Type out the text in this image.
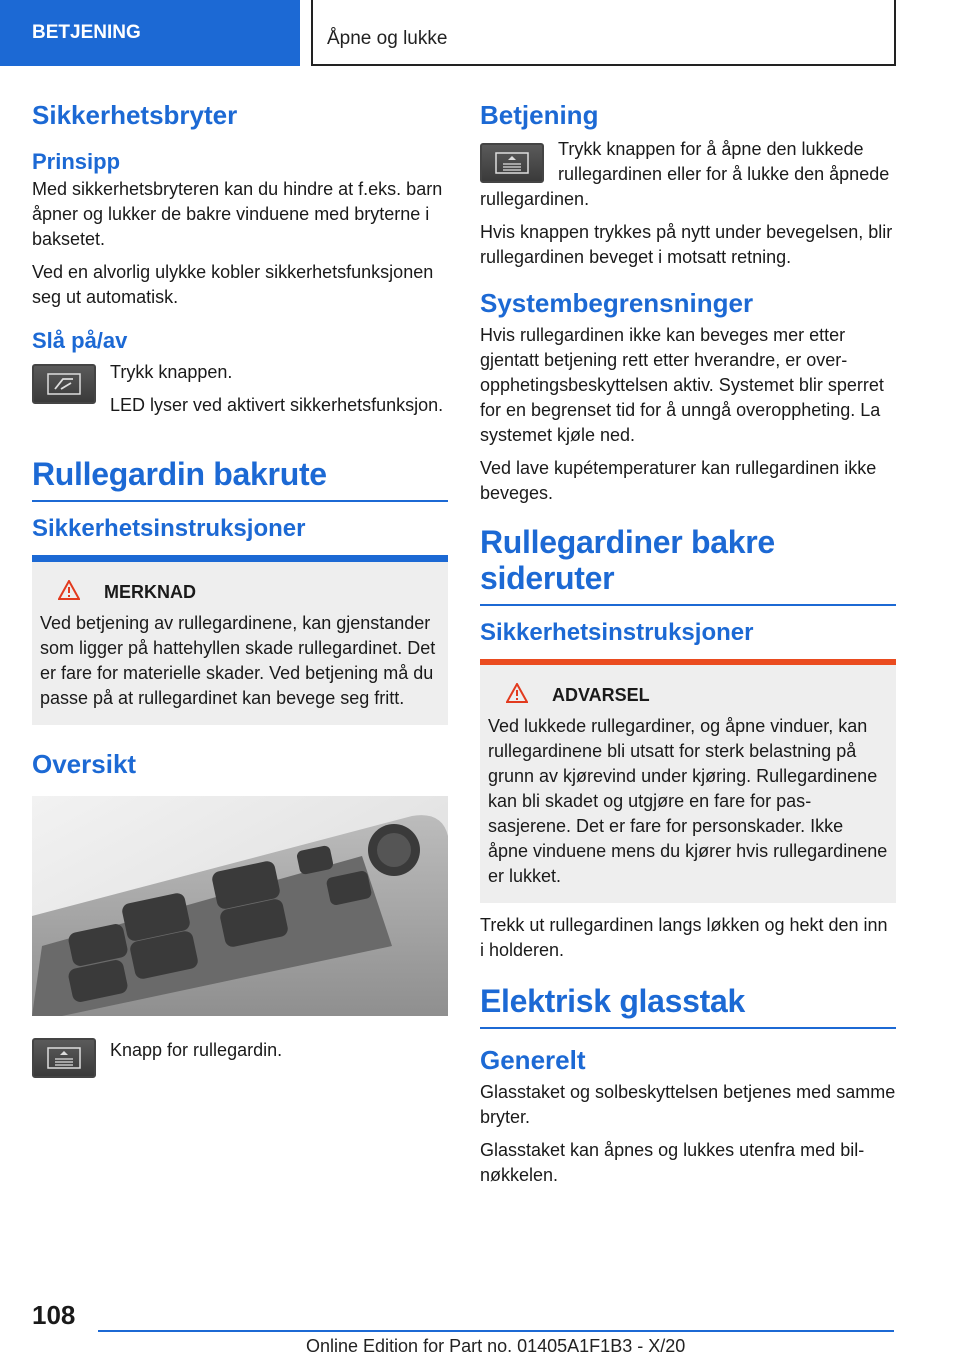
BETJENING	Åpne og lukke
Sikkerhetsbryter
Prinsipp

Med sikkerhetsbryteren kan du hindre at f.eks. barn åpner og lukker de bakre vinduene med bryterne i baksetet.

Ved en alvorlig ulykke kobler sikkerhetsfunksjonen seg ut automatisk.

Slå på/av

Trykk knappen.

LED lyser ved aktivert sikkerhetsfunksjon.

Rullegardin bakrute

Sikkerhetsinstruksjoner

MERKNAD

Ved betjening av rullegardinene, kan gjenstander som ligger på hattehyllen skade rullegardinet. Det er fare for materielle skader. Ved betjening må du passe på at rullegardinet kan bevege seg fritt.

Oversikt

Knapp for rullegardin.

Betjening

Trykk knappen for å åpne den lukkede rullegardinen eller for å lukke den åpnede rullegardinen.

Hvis knappen trykkes på nytt under bevegelsen, blir rullegardinen beveget i motsatt retning.

Systembegrensninger

Hvis rullegardinen ikke kan beveges mer etter gjentatt betjening rett etter hverandre, er overopphetingsbeskyttelsen aktiv. Systemet blir sperret for en begrenset tid for å unngå overoppheting. La systemet kjøle ned.

Ved lave kupétemperaturer kan rullegardinen ikke beveges.

Rullegardiner bakre sideruter

Sikkerhetsinstruksjoner

ADVARSEL

Ved lukkede rullegardiner, og åpne vinduer, kan rullegardinene bli utsatt for sterk belastning på grunn av kjørevind under kjøring. Rullegardinene kan bli skadet og utgjøre en fare for passasjerene. Det er fare for personskader. Ikke åpne vinduene mens du kjører hvis rullegardinene er lukket.

Trekk ut rullegardinen langs løkken og hekt den inn i holderen.

Elektrisk glasstak
Generelt

Glasstaket og solbeskyttelsen betjenes med samme bryter.

Glasstaket kan åpnes og lukkes utenfra med bilnøkkelen.

108
Online Edition for Part no. 01405A1F1B3 - X/20
